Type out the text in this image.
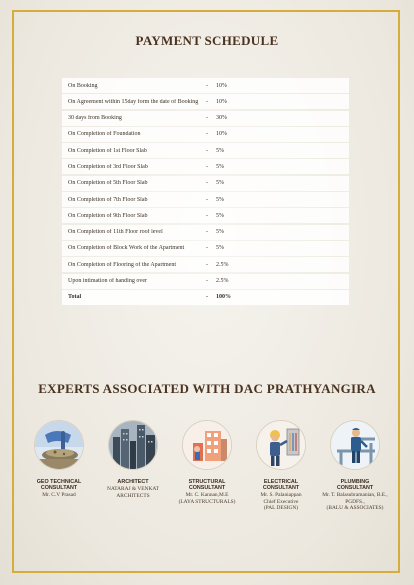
PAYMENT SCHEDULE
On Booking	-	10%
On Agreement within 15day form the date of Booking	-	10%
30 days from Booking	-	30%
On Completion of Foundation	-	10%
On Completion of 1st Floor Slab	-	5%
On Completion of 3rd Floor Slab	-	5%
On Completion of 5th Floor Slab	-	5%
On Completion of 7th Floor Slab	-	5%
On Completion of 9th Floor Slab	-	5%
On Completion of 11th Floor roof level	-	5%
On Completion of Block Work of the Apartment	-	5%
On Completion of Flooring of the Apartment	-	2.5%
Upon intimation of handing over	-	2.5%
Total	-	100%
EXPERTS ASSOCIATED WITH DAC PRATHYANGIRA
GEO TECHNICAL
CONSULTANT
Mr. C.V Prasad
ARCHITECT
NATARAJ & VENKAT
ARCHITECTS
STRUCTURAL
CONSULTANT
Mr. C. Kannan,M.E
(LAYA STRUCTURALS)
ELECTRICAL
CONSULTANT
Mr. S. Palaniappan
Chief Executive
(PAL DESIGN)
PLUMBING
CONSULTANT
Mr. T. Balasubramanian, B.E., PGDFS.,
(BALU & ASSOCIATES)
